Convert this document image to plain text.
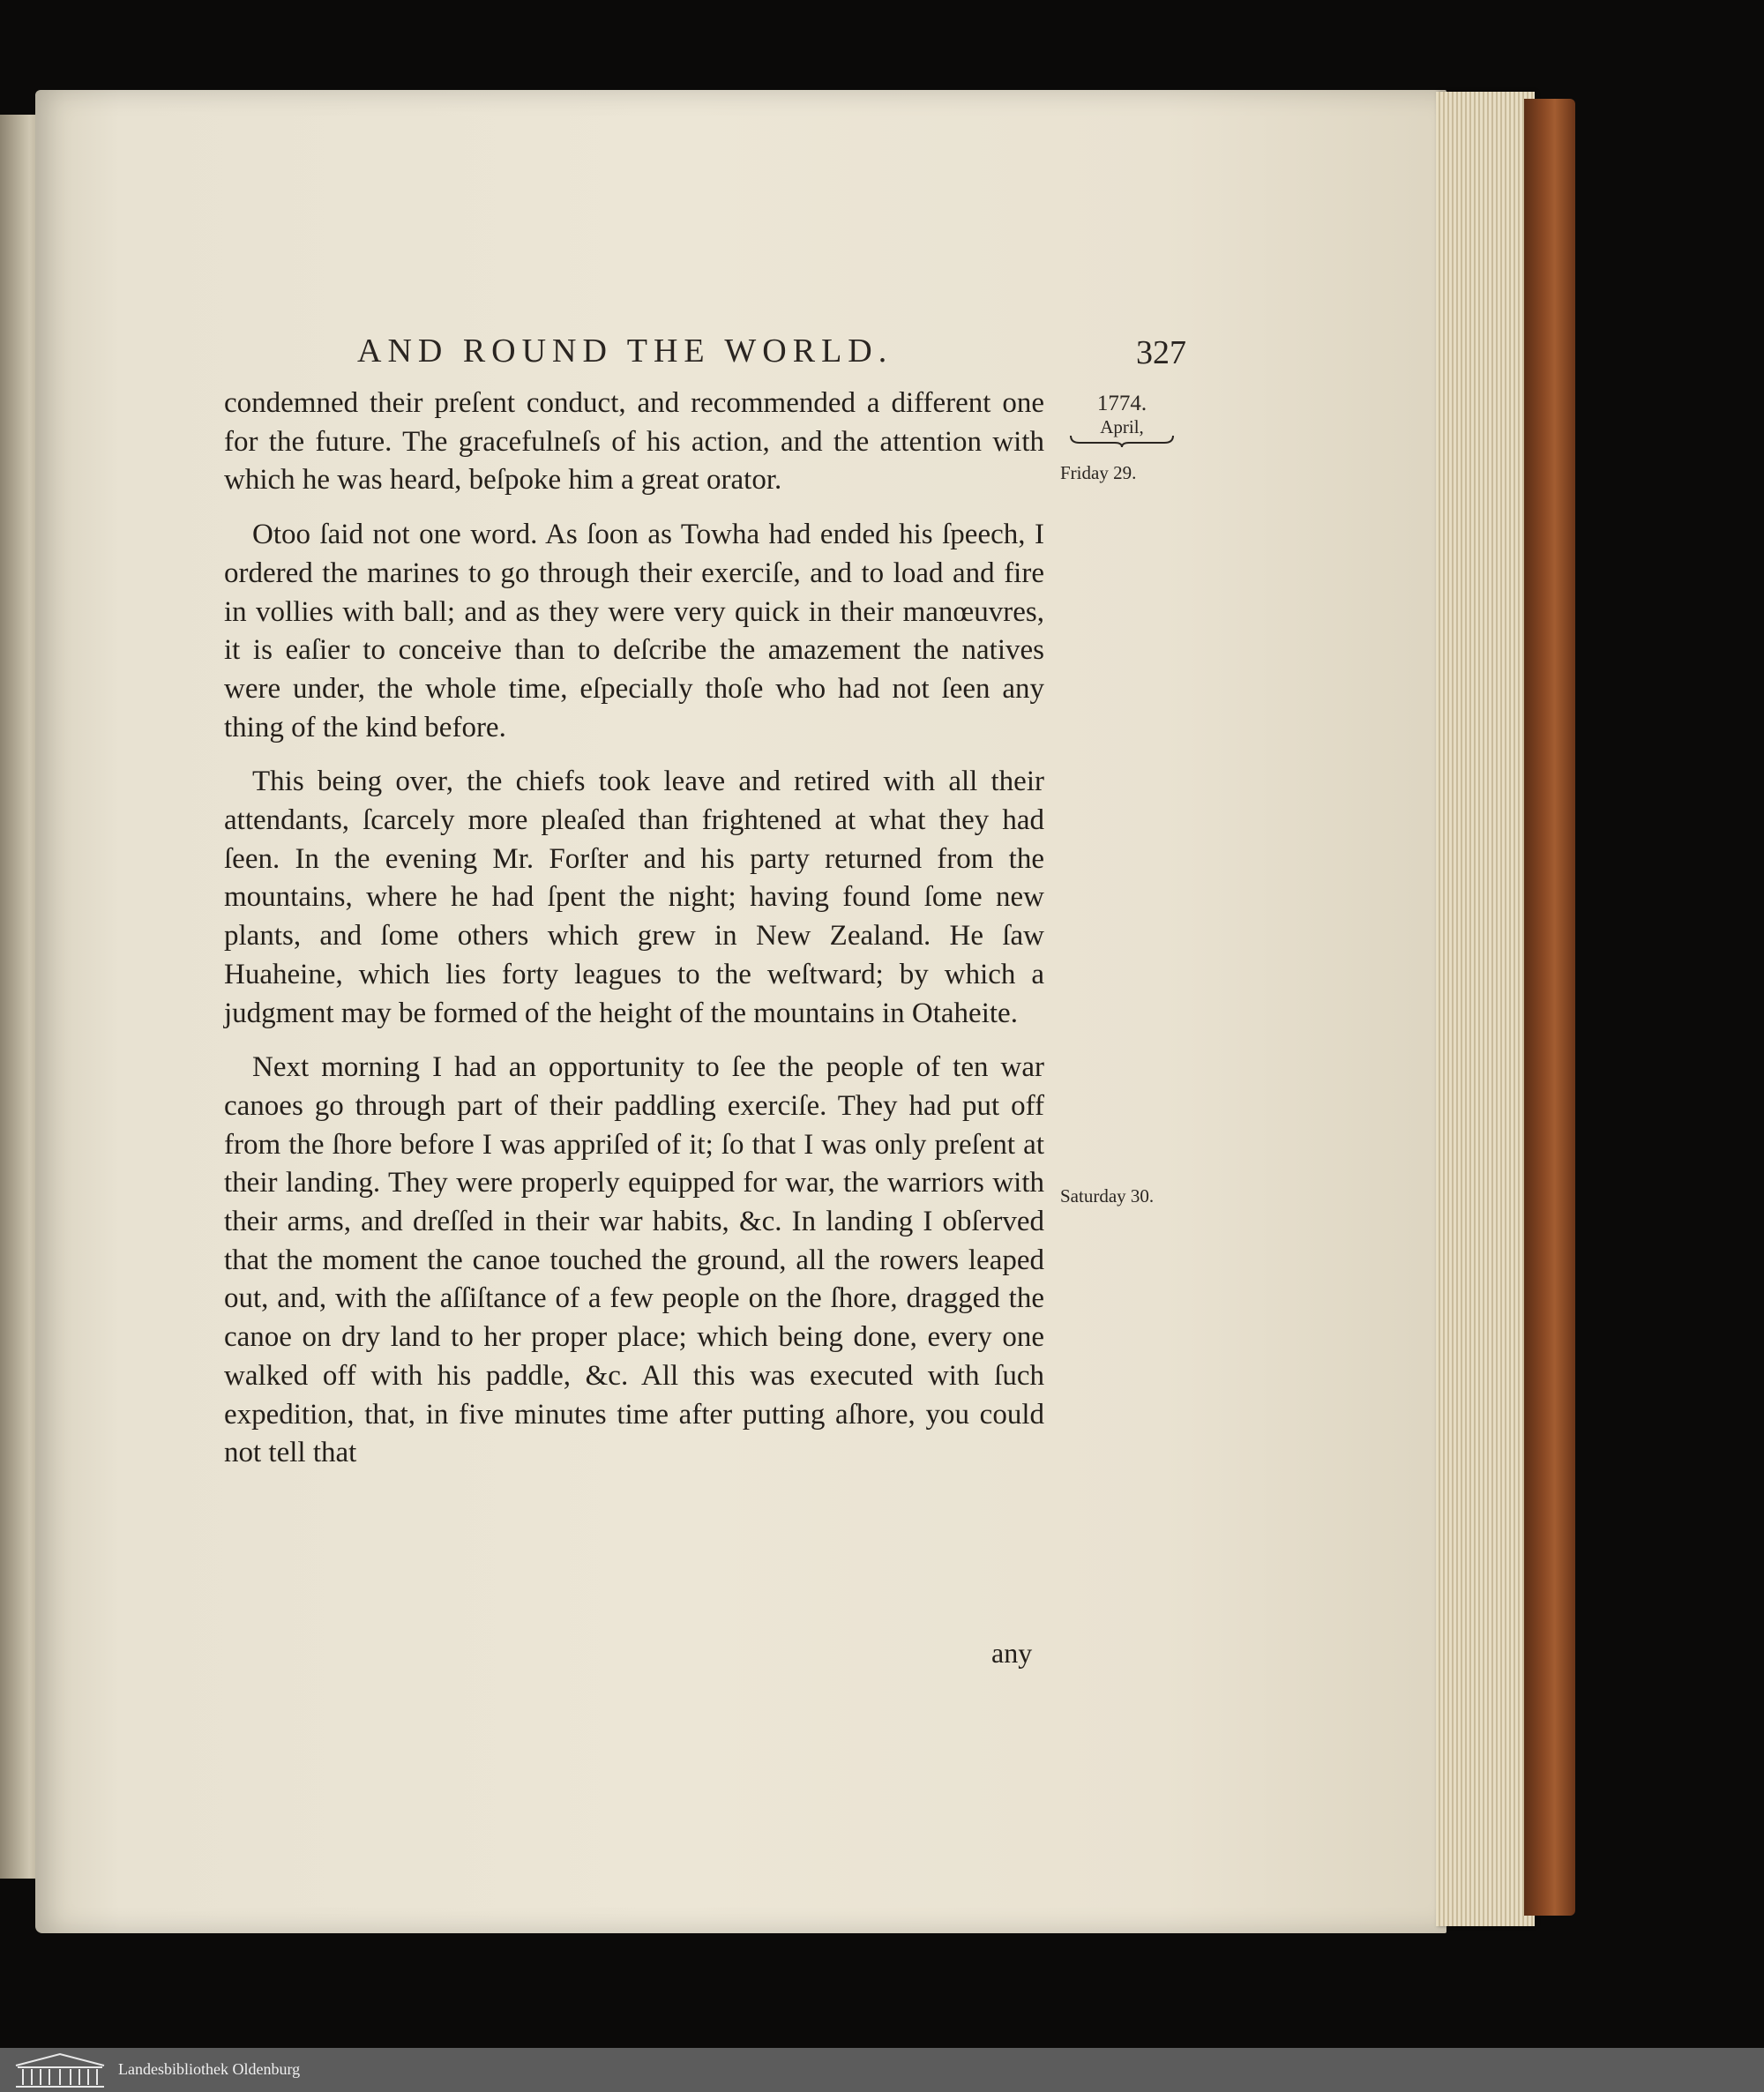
AND ROUND THE WORLD.	327
1774.
April,
Friday 29.
Saturday 30.

condemned their preſent conduct, and recommended a different one for the future. The gracefulneſs of his action, and the attention with which he was heard, beſpoke him a great orator.

Otoo ſaid not one word. As ſoon as Towha had ended his ſpeech, I ordered the marines to go through their exerciſe, and to load and fire in vollies with ball; and as they were very quick in their manœuvres, it is eaſier to conceive than to deſcribe the amazement the natives were under, the whole time, eſpecially thoſe who had not ſeen any thing of the kind before.

This being over, the chiefs took leave and retired with all their attendants, ſcarcely more pleaſed than frightened at what they had ſeen. In the evening Mr. Forſter and his party returned from the mountains, where he had ſpent the night; having found ſome new plants, and ſome others which grew in New Zealand. He ſaw Huaheine, which lies forty leagues to the weſtward; by which a judgment may be formed of the height of the mountains in Otaheite.

Next morning I had an opportunity to ſee the people of ten war canoes go through part of their paddling exerciſe. They had put off from the ſhore before I was appriſed of it; ſo that I was only preſent at their landing. They were properly equipped for war, the warriors with their arms, and dreſſed in their war habits, &c. In landing I obſerved that the moment the canoe touched the ground, all the rowers leaped out, and, with the aſſiſtance of a few people on the ſhore, dragged the canoe on dry land to her proper place; which being done, every one walked off with his paddle, &c. All this was executed with ſuch expedition, that, in five minutes time after putting aſhore, you could not tell that

any
Landesbibliothek Oldenburg
